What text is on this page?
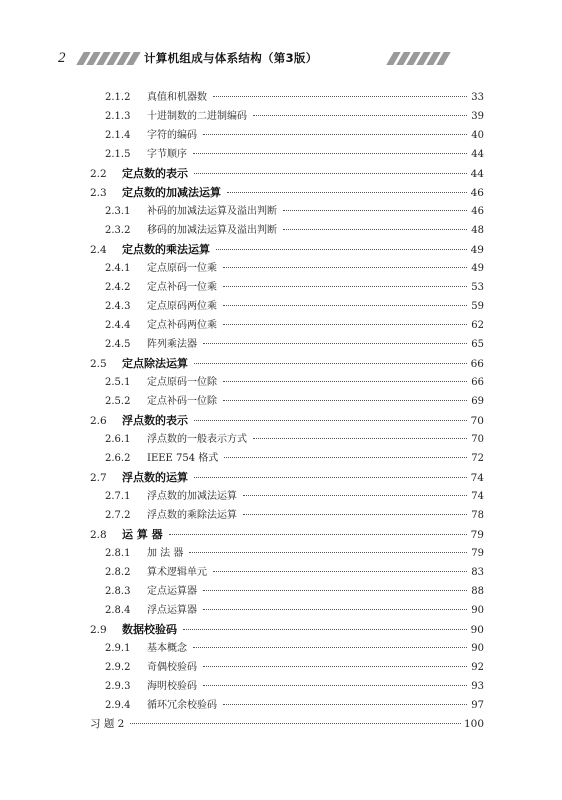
2	计算机组成与体系结构（第3版）
2.1.2	真值和机器数	33
2.1.3	十进制数的二进制编码	39
2.1.4	字符的编码	40
2.1.5	字节顺序	44
2.2	定点数的表示	44
2.3	定点数的加减法运算	46
2.3.1	补码的加减法运算及溢出判断	46
2.3.2	移码的加减法运算及溢出判断	48
2.4	定点数的乘法运算	49
2.4.1	定点原码一位乘	49
2.4.2	定点补码一位乘	53
2.4.3	定点原码两位乘	59
2.4.4	定点补码两位乘	62
2.4.5	阵列乘法器	65
2.5	定点除法运算	66
2.5.1	定点原码一位除	66
2.5.2	定点补码一位除	69
2.6	浮点数的表示	70
2.6.1	浮点数的一般表示方式	70
2.6.2	IEEE 754 格式	72
2.7	浮点数的运算	74
2.7.1	浮点数的加减法运算	74
2.7.2	浮点数的乘除法运算	78
2.8	运 算 器	79
2.8.1	加 法 器	79
2.8.2	算术逻辑单元	83
2.8.3	定点运算器	88
2.8.4	浮点运算器	90
2.9	数据校验码	90
2.9.1	基本概念	90
2.9.2	奇偶校验码	92
2.9.3	海明校验码	93
2.9.4	循环冗余校验码	97
习 题 2	100
